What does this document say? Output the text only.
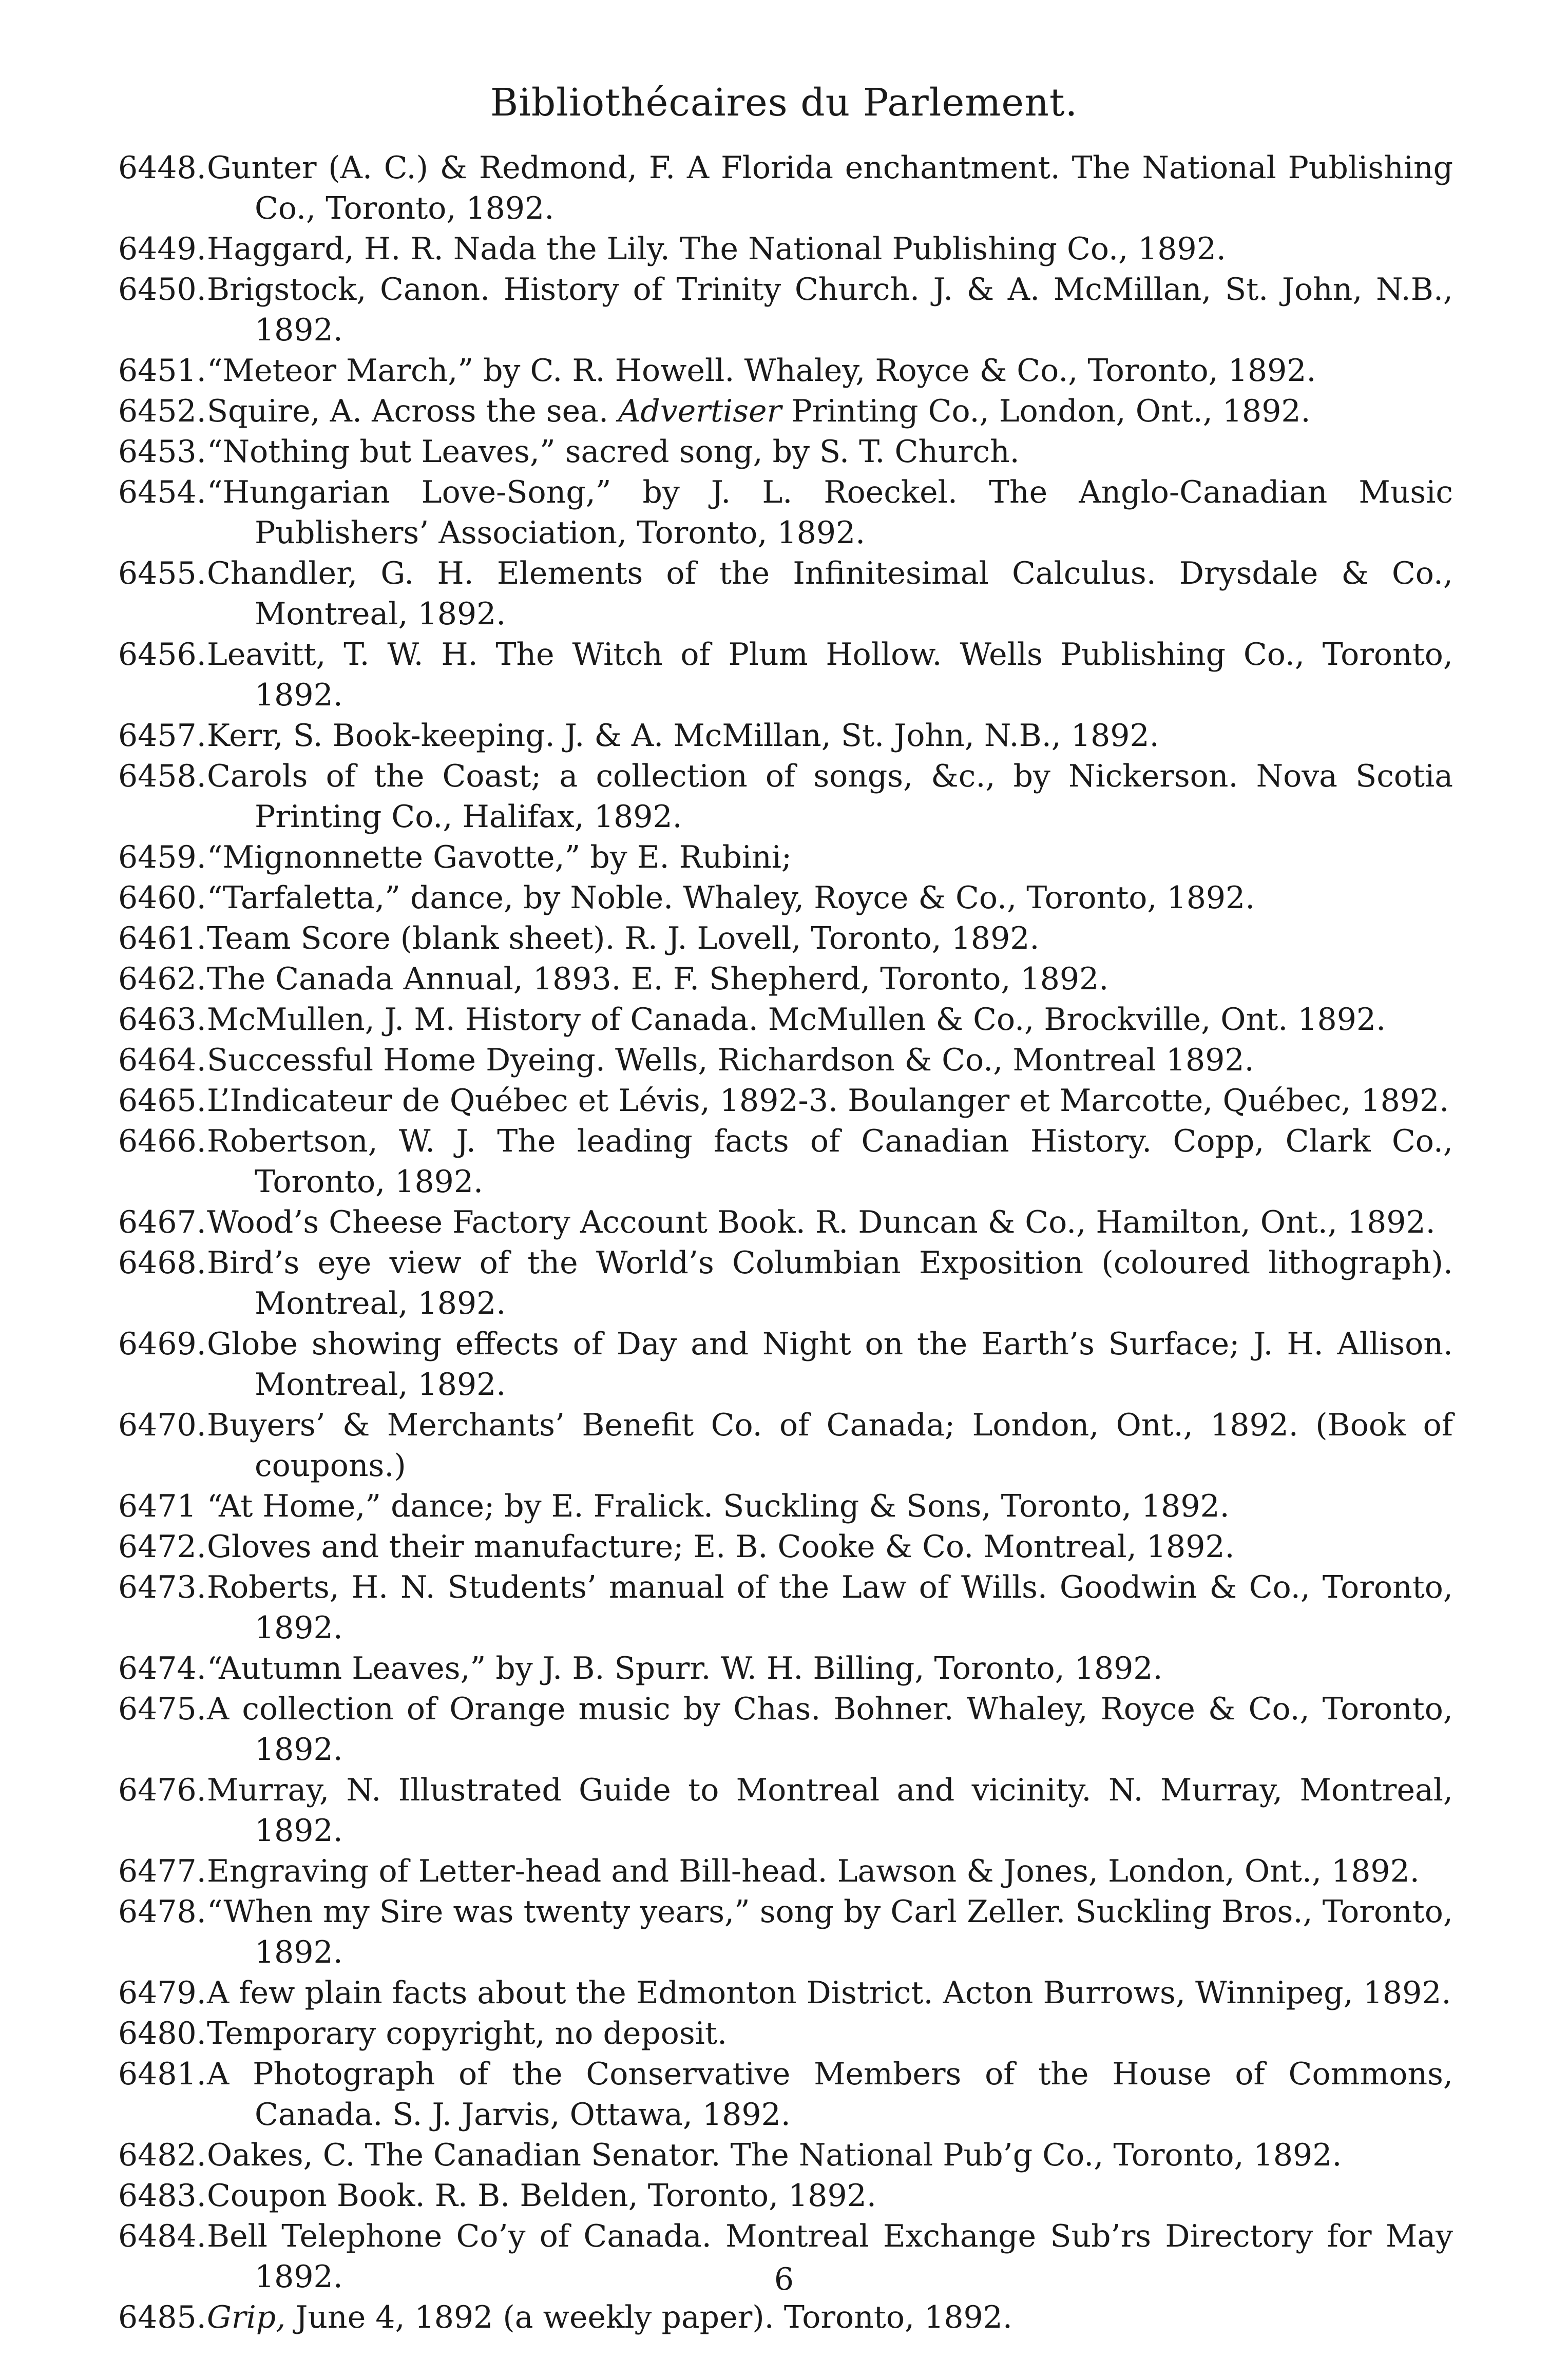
Bibliothécaires du Parlement.
6448. Gunter (A. C.) & Redmond, F. A Florida enchantment. The National Publishing Co., Toronto, 1892.
6449. Haggard, H. R. Nada the Lily. The National Publishing Co., 1892.
6450. Brigstock, Canon. History of Trinity Church. J. & A. McMillan, St. John, N.B., 1892.
6451. “Meteor March,” by C. R. Howell. Whaley, Royce & Co., Toronto, 1892.
6452. Squire, A. Across the sea. Advertiser Printing Co., London, Ont., 1892.
6453. “Nothing but Leaves,” sacred song, by S. T. Church.
6454. “Hungarian Love-Song,” by J. L. Roeckel. The Anglo-Canadian Music Publishers’ Association, Toronto, 1892.
6455. Chandler, G. H. Elements of the Infinitesimal Calculus. Drysdale & Co., Montreal, 1892.
6456. Leavitt, T. W. H. The Witch of Plum Hollow. Wells Publishing Co., Toronto, 1892.
6457. Kerr, S. Book-keeping. J. & A. McMillan, St. John, N.B., 1892.
6458. Carols of the Coast; a collection of songs, &c., by Nickerson. Nova Scotia Printing Co., Halifax, 1892.
6459. “Mignonnette Gavotte,” by E. Rubini;
6460. “Tarfaletta,” dance, by Noble. Whaley, Royce & Co., Toronto, 1892.
6461. Team Score (blank sheet). R. J. Lovell, Toronto, 1892.
6462. The Canada Annual, 1893. E. F. Shepherd, Toronto, 1892.
6463. McMullen, J. M. History of Canada. McMullen & Co., Brockville, Ont. 1892.
6464. Successful Home Dyeing. Wells, Richardson & Co., Montreal 1892.
6465. L’Indicateur de Québec et Lévis, 1892-3. Boulanger et Marcotte, Québec, 1892.
6466. Robertson, W. J. The leading facts of Canadian History. Copp, Clark Co., Toronto, 1892.
6467. Wood’s Cheese Factory Account Book. R. Duncan & Co., Hamilton, Ont., 1892.
6468. Bird’s eye view of the World’s Columbian Exposition (coloured lithograph). Montreal, 1892.
6469. Globe showing effects of Day and Night on the Earth’s Surface; J. H. Allison. Montreal, 1892.
6470. Buyers’ & Merchants’ Benefit Co. of Canada; London, Ont., 1892. (Book of coupons.)
6471 “At Home,” dance; by E. Fralick. Suckling & Sons, Toronto, 1892.
6472. Gloves and their manufacture; E. B. Cooke & Co. Montreal, 1892.
6473. Roberts, H. N. Students’ manual of the Law of Wills. Goodwin & Co., Toronto, 1892.
6474. “Autumn Leaves,” by J. B. Spurr. W. H. Billing, Toronto, 1892.
6475. A collection of Orange music by Chas. Bohner. Whaley, Royce & Co., Toronto, 1892.
6476. Murray, N. Illustrated Guide to Montreal and vicinity. N. Murray, Montreal, 1892.
6477. Engraving of Letter-head and Bill-head. Lawson & Jones, London, Ont., 1892.
6478. “When my Sire was twenty years,” song by Carl Zeller. Suckling Bros., Toronto, 1892.
6479. A few plain facts about the Edmonton District. Acton Burrows, Winnipeg, 1892.
6480. Temporary copyright, no deposit.
6481. A Photograph of the Conservative Members of the House of Commons, Canada. S. J. Jarvis, Ottawa, 1892.
6482. Oakes, C. The Canadian Senator. The National Pub’g Co., Toronto, 1892.
6483. Coupon Book. R. B. Belden, Toronto, 1892.
6484. Bell Telephone Co’y of Canada. Montreal Exchange Sub’rs Directory for May 1892.
6485. Grip, June 4, 1892 (a weekly paper). Toronto, 1892.
6
